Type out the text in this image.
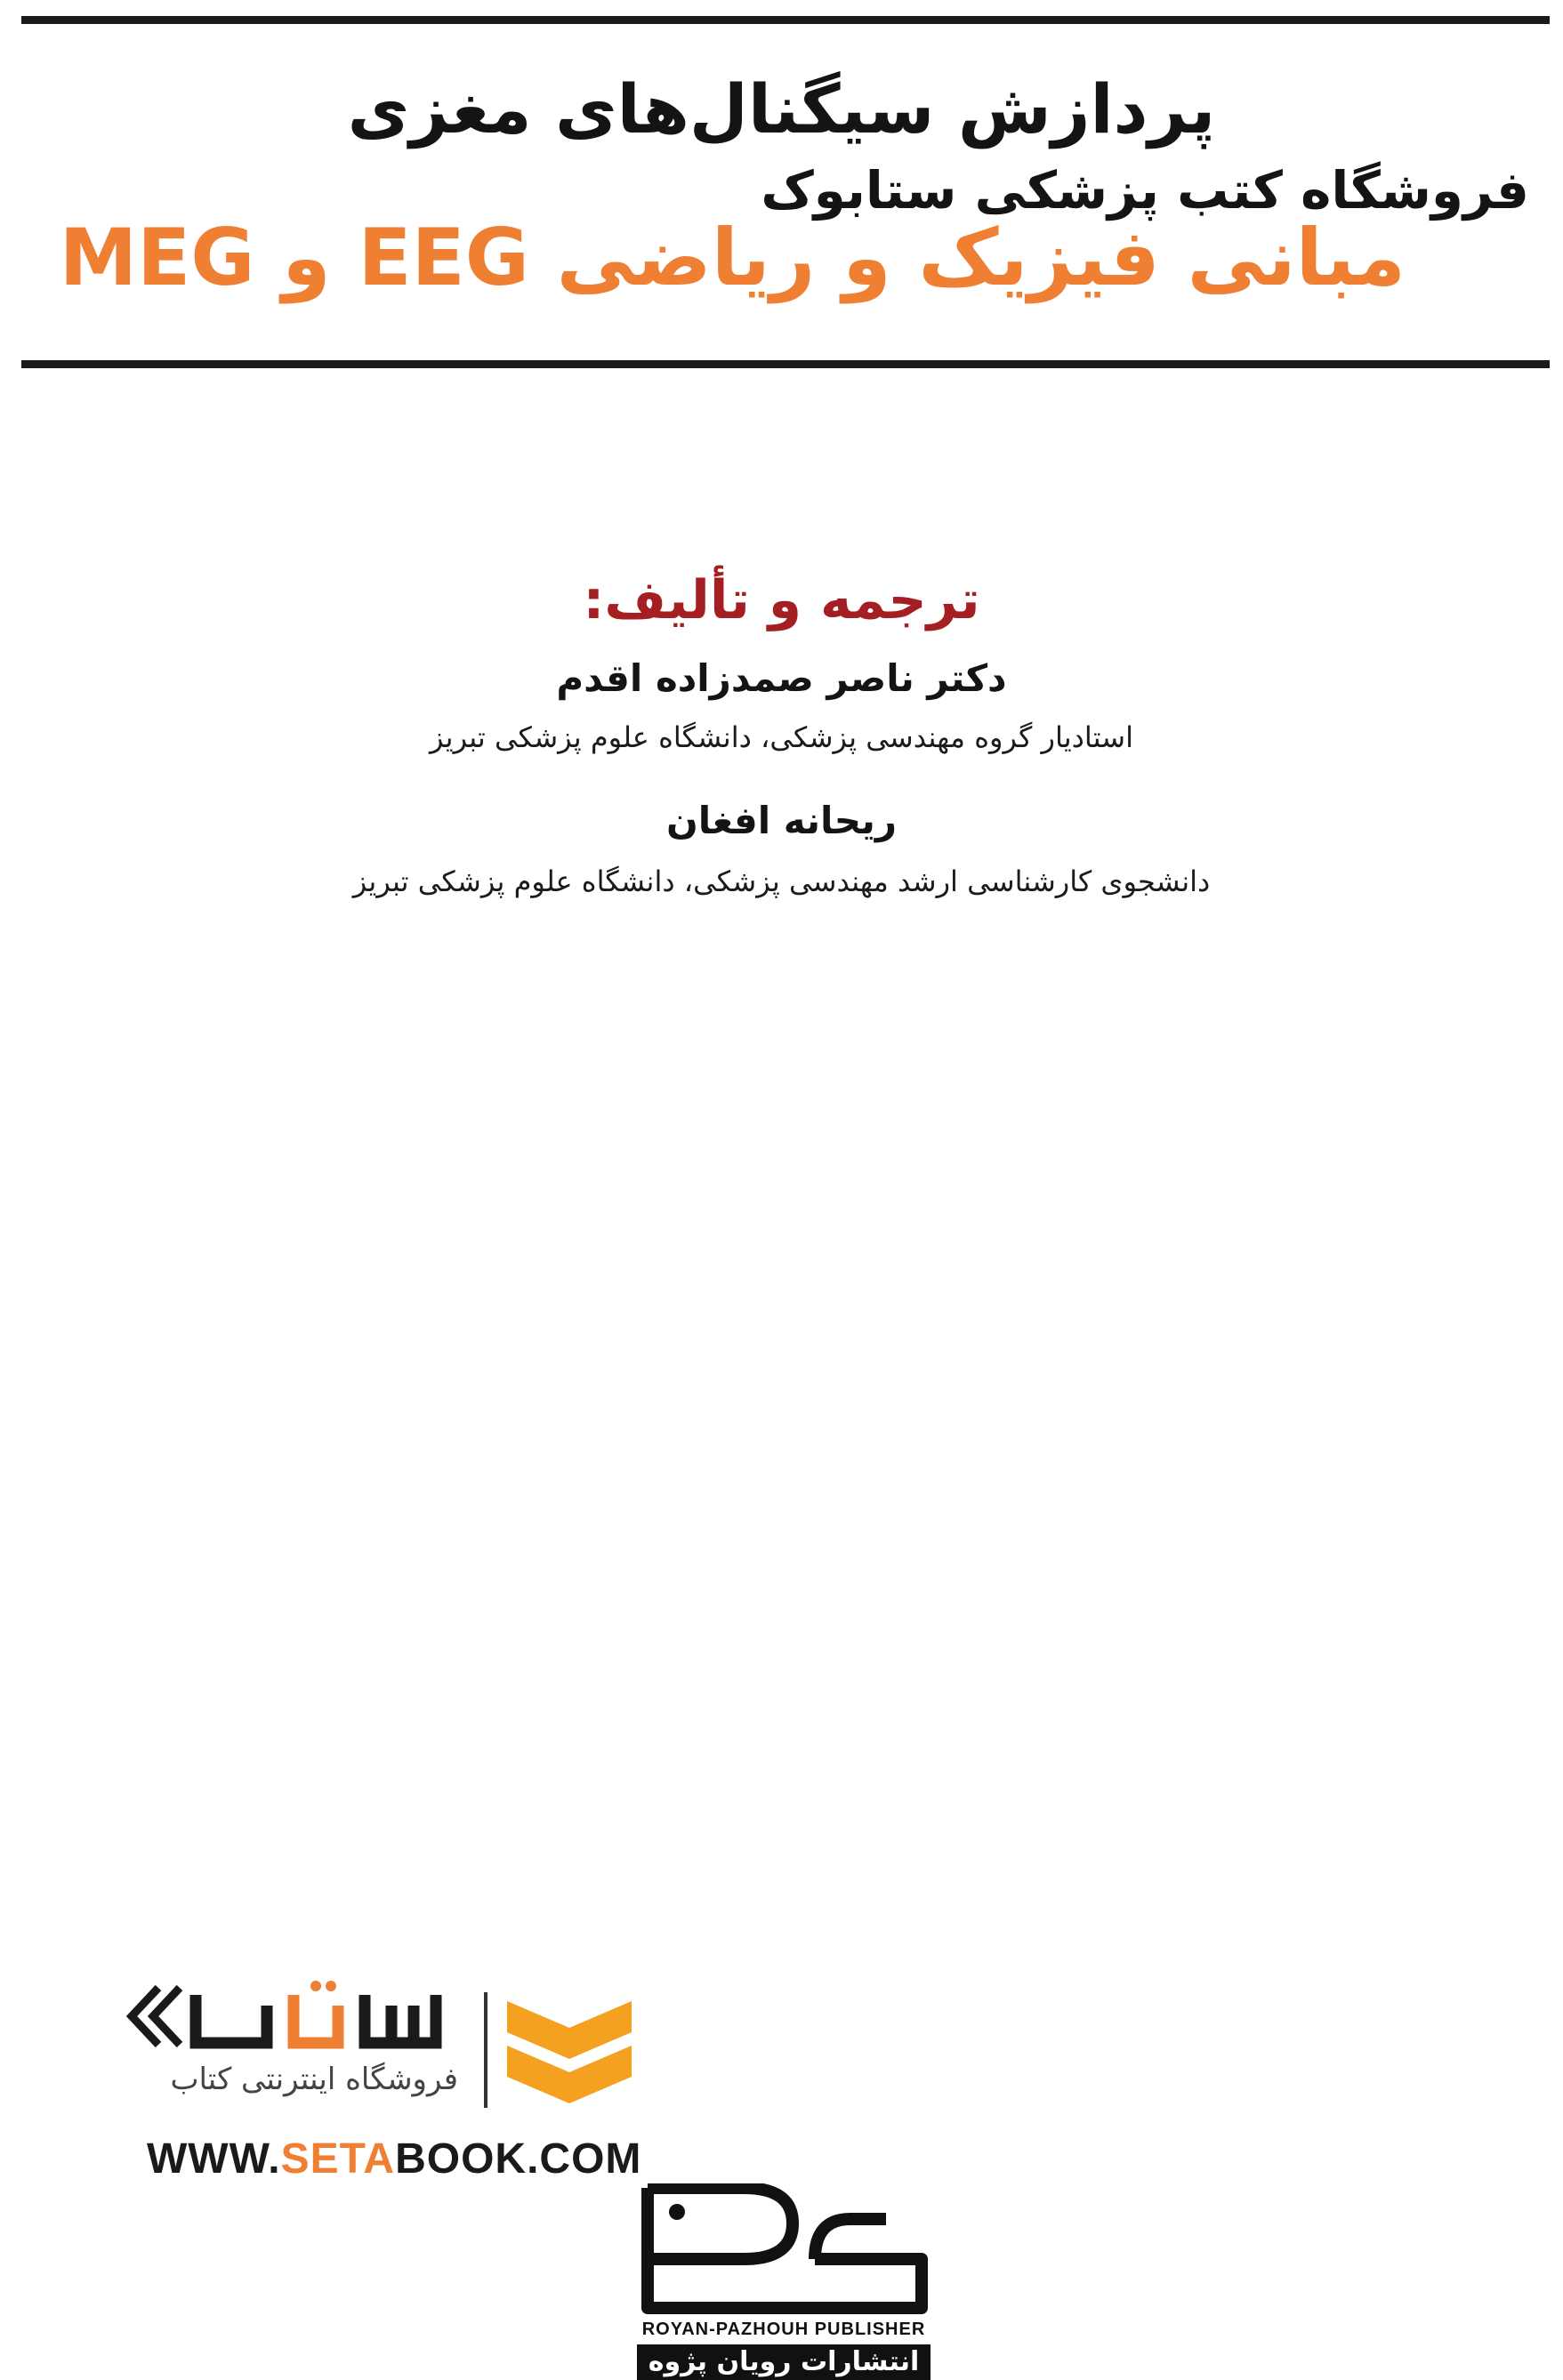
پردازش سیگنال‌های مغزی
فروشگاه کتب پزشکی ستابوک
مبانی فیزیک و ریاضی EEG و MEG
ترجمه و تألیف:
دکتر ناصر صمدزاده اقدم
استادیار گروه مهندسی پزشکی، دانشگاه علوم پزشکی تبریز
ریحانه افغان
دانشجوی کارشناسی ارشد مهندسی پزشکی، دانشگاه علوم پزشکی تبریز
فروشگاه اینترنتی کتاب
WWW.SETABOOK.COM
ROYAN-PAZHOUH PUBLISHER
انتشارات رویان پژوه
